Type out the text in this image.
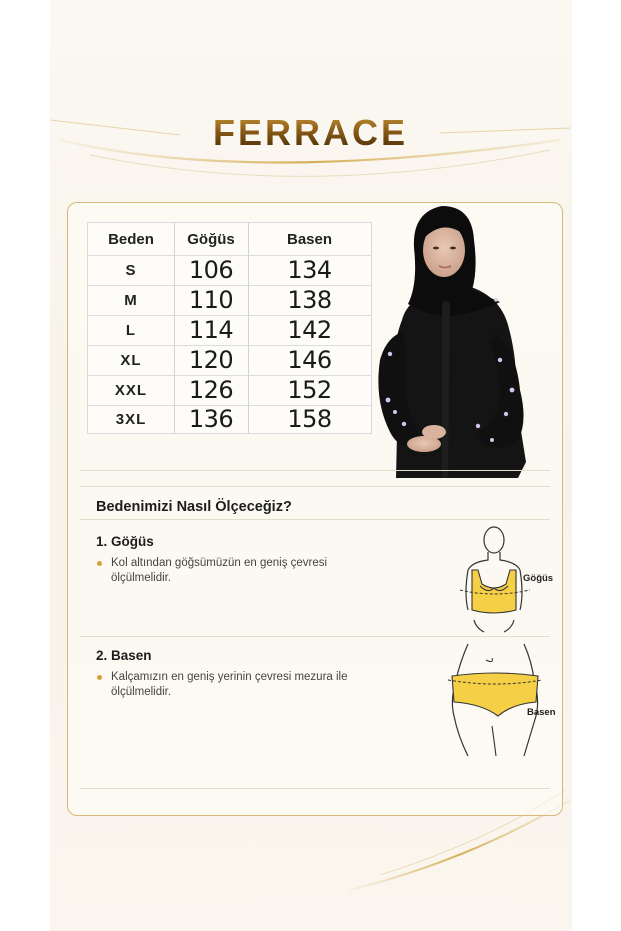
FERRACE
Beden	Göğüs	Basen
S	106	134
M	110	138
L	114	142
XL	120	146
XXL	126	152
3XL	136	158
Bedenimizi Nasıl Ölçeceğiz?
1. Göğüs
Kol altından göğsümüzün en geniş çevresi ölçülmelidir.
2. Basen
Kalçamızın en geniş yerinin çevresi mezura ile ölçülmelidir.
Göğüs
Basen
